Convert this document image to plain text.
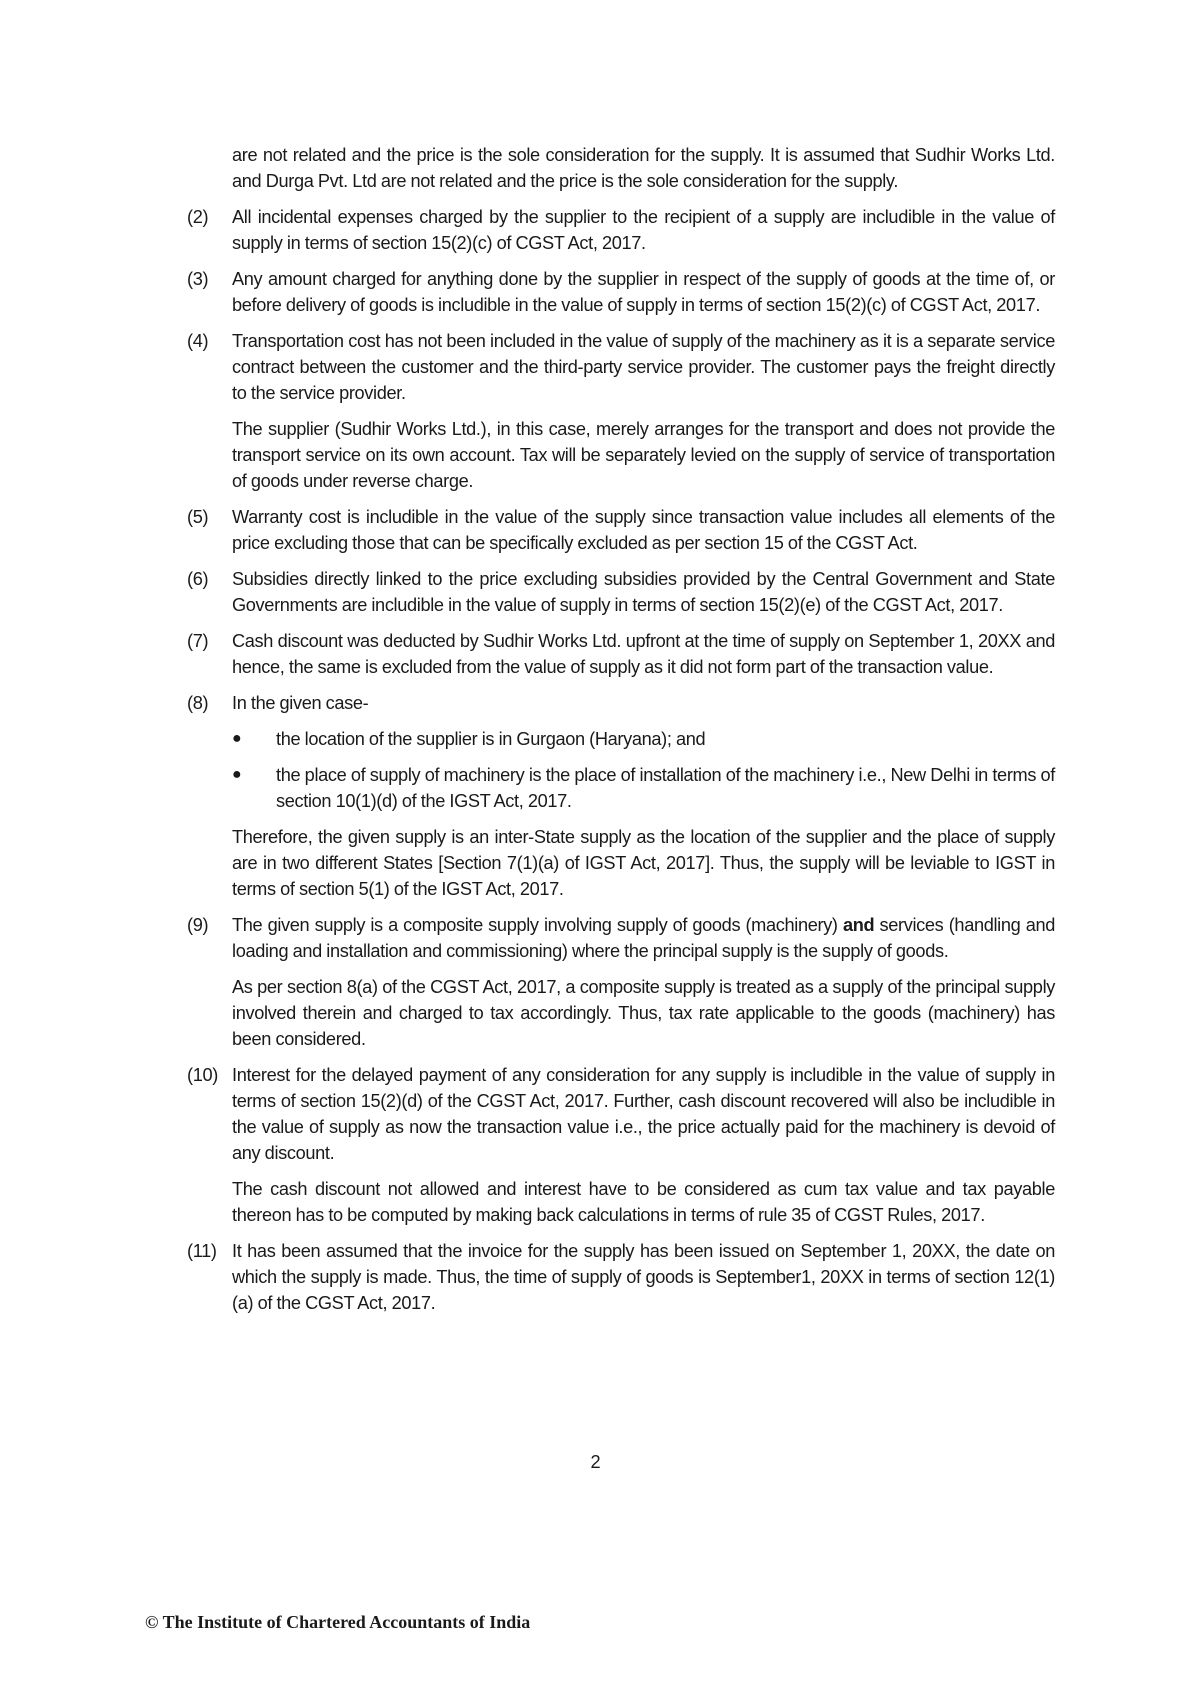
are not related and the price is the sole consideration for the supply. It is assumed that Sudhir Works Ltd. and Durga Pvt. Ltd are not related and the price is the sole consideration for the supply.

(2)	All incidental expenses charged by the supplier to the recipient of a supply are includible in the value of supply in terms of section 15(2)(c) of CGST Act, 2017.
(3)	Any amount charged for anything done by the supplier in respect of the supply of goods at the time of, or before delivery of goods is includible in the value of supply in terms of section 15(2)(c) of CGST Act, 2017.
(4)	Transportation cost has not been included in the value of supply of the machinery as it is a separate service contract between the customer and the third-party service provider. The customer pays the freight directly to the service provider.
The supplier (Sudhir Works Ltd.), in this case, merely arranges for the transport and does not provide the transport service on its own account. Tax will be separately levied on the supply of service of transportation of goods under reverse charge.
(5)	Warranty cost is includible in the value of the supply since transaction value includes all elements of the price excluding those that can be specifically excluded as per section 15 of the CGST Act.
(6)	Subsidies directly linked to the price excluding subsidies provided by the Central Government and State Governments are includible in the value of supply in terms of section 15(2)(e) of the CGST Act, 2017.
(7)	Cash discount was deducted by Sudhir Works Ltd. upfront at the time of supply on September 1, 20XX and hence, the same is excluded from the value of supply as it did not form part of the transaction value.
(8)	In the given case-
● the location of the supplier is in Gurgaon (Haryana); and
● the place of supply of machinery is the place of installation of the machinery i.e., New Delhi in terms of section 10(1)(d) of the IGST Act, 2017.
Therefore, the given supply is an inter-State supply as the location of the supplier and the place of supply are in two different States [Section 7(1)(a) of IGST Act, 2017]. Thus, the supply will be leviable to IGST in terms of section 5(1) of the IGST Act, 2017.
(9)	The given supply is a composite supply involving supply of goods (machinery) and services (handling and loading and installation and commissioning) where the principal supply is the supply of goods.
As per section 8(a) of the CGST Act, 2017, a composite supply is treated as a supply of the principal supply involved therein and charged to tax accordingly. Thus, tax rate applicable to the goods (machinery) has been considered.
(10) Interest for the delayed payment of any consideration for any supply is includible in the value of supply in terms of section 15(2)(d) of the CGST Act, 2017. Further, cash discount recovered will also be includible in the value of supply as now the transaction value i.e., the price actually paid for the machinery is devoid of any discount.
The cash discount not allowed and interest have to be considered as cum tax value and tax payable thereon has to be computed by making back calculations in terms of rule 35 of CGST Rules, 2017.
(11) It has been assumed that the invoice for the supply has been issued on September 1, 20XX, the date on which the supply is made. Thus, the time of supply of goods is September1, 20XX in terms of section 12(1)(a) of the CGST Act, 2017.
2
© The Institute of Chartered Accountants of India
